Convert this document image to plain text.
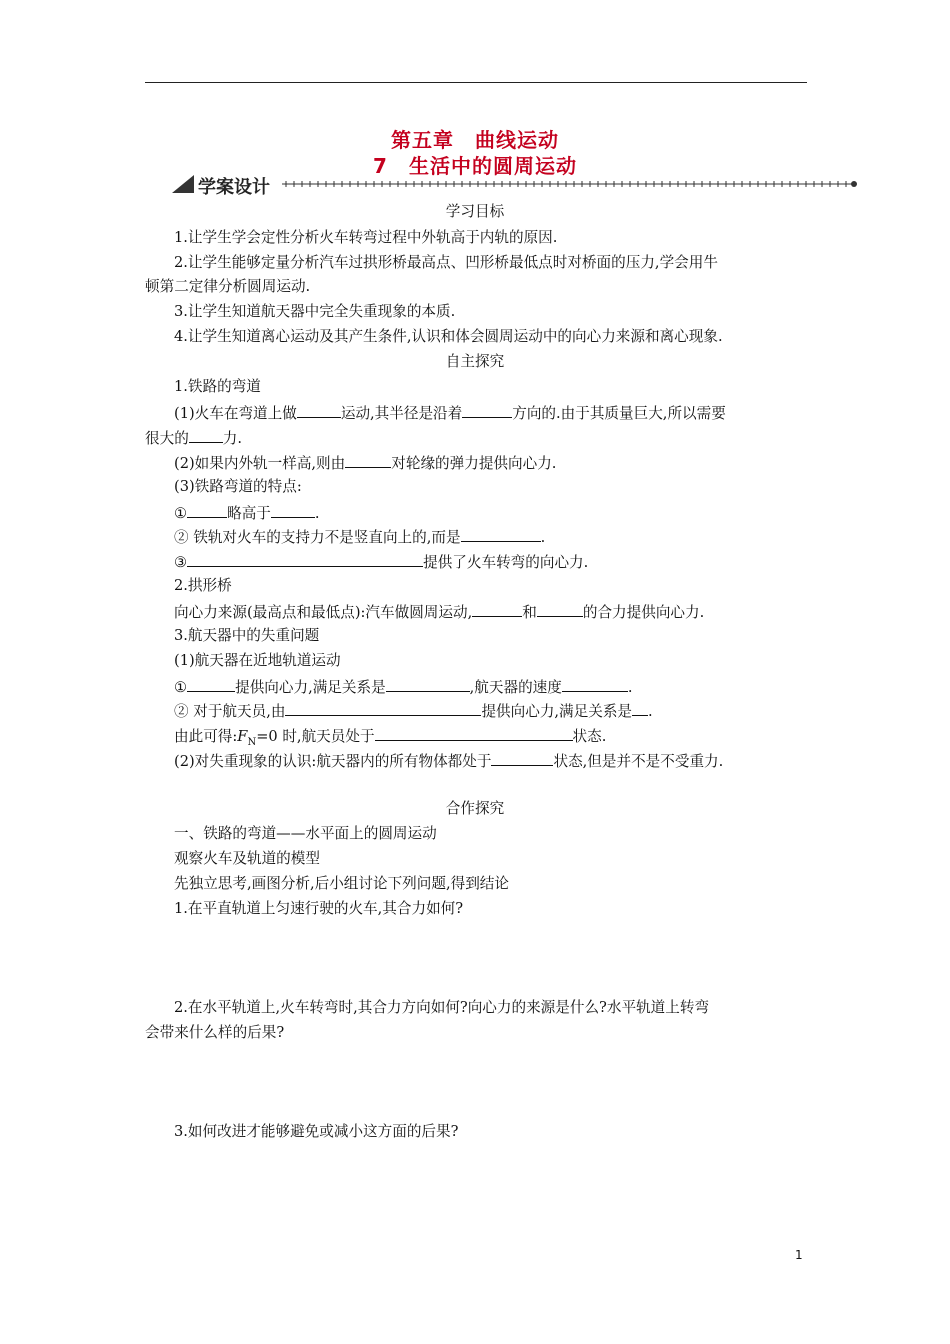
第五章　曲线运动
7　生活中的圆周运动
学案设计
学习目标
1.让学生学会定性分析火车转弯过程中外轨高于内轨的原因.
2.让学生能够定量分析汽车过拱形桥最高点、凹形桥最低点时对桥面的压力,学会用牛
顿第二定律分析圆周运动.
3.让学生知道航天器中完全失重现象的本质.
4.让学生知道离心运动及其产生条件,认识和体会圆周运动中的向心力来源和离心现象.
自主探究
1.铁路的弯道
(1)火车在弯道上做	运动,其半径是沿着	方向的.由于其质量巨大,所以需要
很大的 力.
(2)如果内外轨一样高,则由	对轮缘的弹力提供向心力.
(3)铁路弯道的特点:
①	略高于	.
② 铁轨对火车的支持力不是竖直向上的,而是	.
③	提供了火车转弯的向心力.
2.拱形桥
向心力来源(最高点和最低点):汽车做圆周运动,	和	的合力提供向心力.
3.航天器中的失重问题
(1)航天器在近地轨道运动
①	提供向心力,满足关系是	,航天器的速度	.
② 对于航天员,由	提供向心力,满足关系是 .
由此可得$:F_N=0$ 时,航天员处于	状态.
(2)对失重现象的认识:航天器内的所有物体都处于	状态,但是并不是不受重力.
合作探究
一、铁路的弯道——水平面上的圆周运动
观察火车及轨道的模型
先独立思考,画图分析,后小组讨论下列问题,得到结论
1.在平直轨道上匀速行驶的火车,其合力如何?
2.在水平轨道上,火车转弯时,其合力方向如何?向心力的来源是什么?水平轨道上转弯
会带来什么样的后果?
3.如何改进才能够避免或减小这方面的后果?
1
